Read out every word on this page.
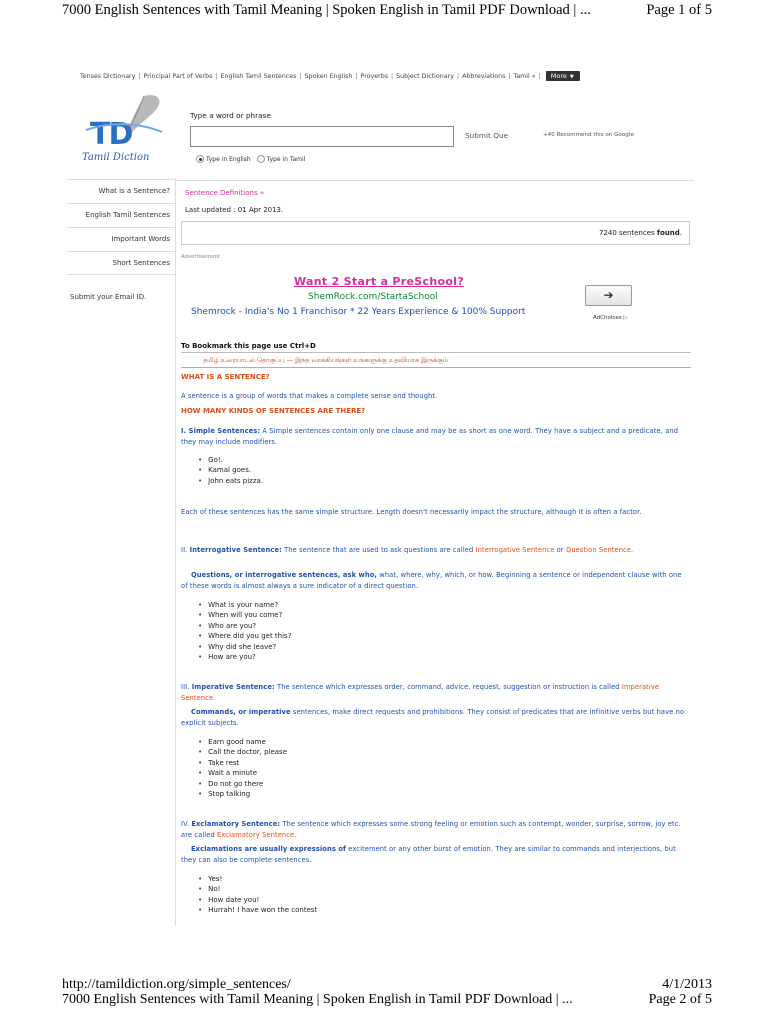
7000 English Sentences with Tamil Meaning | Spoken English in Tamil PDF Download | ...	Page 1 of 5
Tenses Dictionary | Principal Part of Verbs | English Tamil Sentences | Spoken English | Proverbs | Subject Dictionary | Abbreviations | Tamil « |	More ▼
TD
Tamil Diction
Type a word or phrase
Submit Que	+40 Recommend this on Google
Type in English	Type in Tamil
What is a Sentence?
English Tamil Sentences
Important Words
Short Sentences
Submit your Email ID.
Sentence Definitions »
Last updated : 01 Apr 2013.
7240 sentences found.
Advertisement
Want 2 Start a PreSchool?
ShemRock.com/StartaSchool
Shemrock - India's No 1 Franchisor * 22 Years Experience & 100% Support
➔
AdChoices ▷
To Bookmark this page use Ctrl+D
தமிழ் உரையாடல் தொகுப்பு — இந்த வாக்கியங்கள் உங்களுக்கு உதவியாக இருக்கும்
WHAT IS A SENTENCE?
A sentence is a group of words that makes a complete sense and thought.
HOW MANY KINDS OF SENTENCES ARE THERE?
I. Simple Sentences: A Simple sentences contain only one clause and may be as short as one word. They have a subject and a predicate, and they may include modifiers.
• Go!.
• Kamal goes.
• John eats pizza.
Each of these sentences has the same simple structure. Length doesn't necessarily impact the structure, although it is often a factor.
II. Interrogative Sentence: The sentence that are used to ask questions are called Interrogative Sentence or Question Sentence.
Questions, or interrogative sentences, ask who, what, where, why, which, or how. Beginning a sentence or independent clause with one of these words is almost always a sure indicator of a direct question.
• What is your name?
• When will you come?
• Who are you?
• Where did you get this?
• Why did she leave?
• How are you?
III. Imperative Sentence: The sentence which expresses order, command, advice, request, suggestion or instruction is called Imperative Sentence.
Commands, or imperative sentences, make direct requests and prohibitions. They consist of predicates that are infinitive verbs but have no explicit subjects.
• Earn good name
• Call the doctor, please
• Take rest
• Wait a minute
• Do not go there
• Stop talking
IV. Exclamatory Sentence: The sentence which expresses some strong feeling or emotion such as contempt, wonder, surprise, sorrow, joy etc. are called Exclamatory Sentence.
Exclamations are usually expressions of excitement or any other burst of emotion. They are similar to commands and interjections, but they can also be complete sentences.
• Yes!
• No!
• How date you!
• Hurrah! I have won the contest
http://tamildiction.org/simple_sentences/	4/1/2013
7000 English Sentences with Tamil Meaning | Spoken English in Tamil PDF Download | ...	Page 2 of 5
